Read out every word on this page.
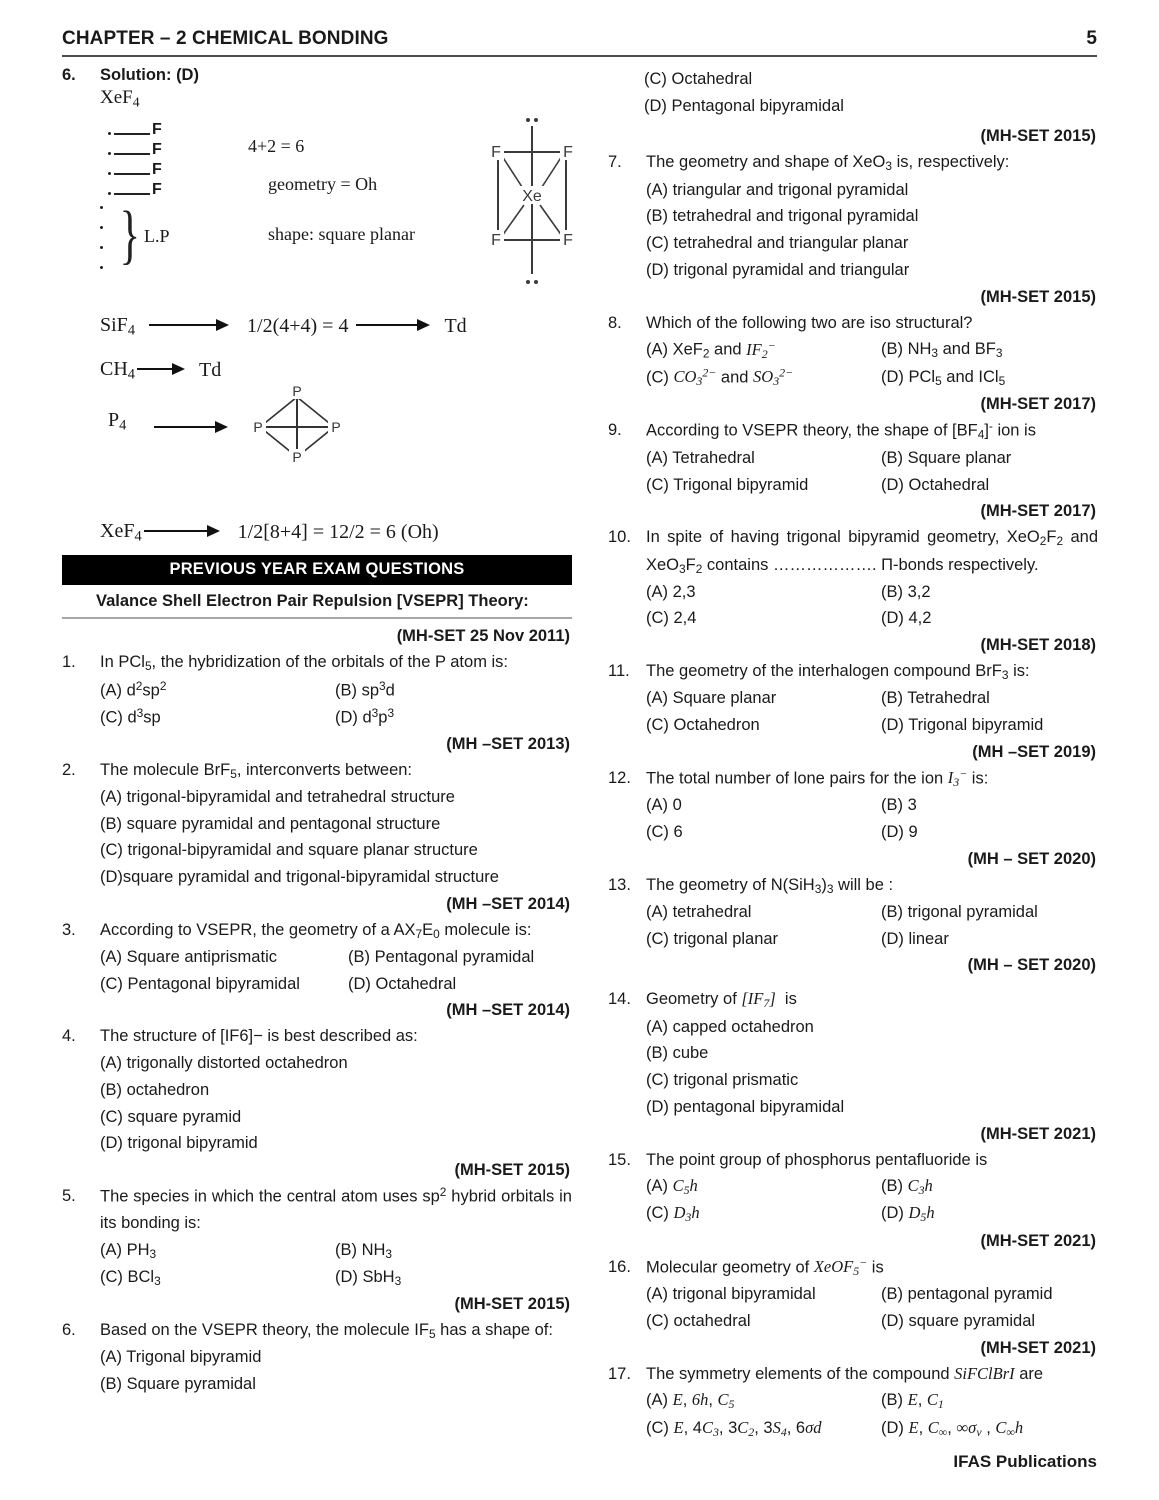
CHAPTER – 2 CHEMICAL BONDING	5
6.	Solution: (D)
XeF$_4$
F
F
F
F
} L.P
4+2 = 6
geometry = Oh
shape: square planar
Xe
F	F
F	F
SiF$_4$	1/2(4+4) = 4	Td
$CH_4$	Td
$P_4$
P
P	P
P
XeF$_4$	1/2[8+4] = 12/2 = 6 (Oh)
PREVIOUS YEAR EXAM QUESTIONS
Valance Shell Electron Pair Repulsion [VSEPR] Theory:
(MH-SET 25 Nov 2011)
1.	In PCl$_5$, the hybridization of the orbitals of the P atom is:
(A) $d^2sp^2$	(B) $sp^3d$
(C) $d^3sp$	(D) $d^3p^3$
(MH –SET 2013)
2.	The molecule BrF$_5$, interconverts between:
(A) trigonal-bipyramidal and tetrahedral structure
(B) square pyramidal and pentagonal structure
(C) trigonal-bipyramidal and square planar structure
(D)square pyramidal and trigonal-bipyramidal structure
(MH –SET 2014)
3.	According to VSEPR, the geometry of a $AX_7E_0$ molecule is:
(A) Square antiprismatic	(B) Pentagonal pyramidal
(C) Pentagonal bipyramidal	(D) Octahedral
(MH –SET 2014)
4.	The structure of [IF6]− is best described as:
(A) trigonally distorted octahedron
(B) octahedron
(C) square pyramid
(D) trigonal bipyramid
(MH-SET 2015)
5.	The species in which the central atom uses $sp^2$ hybrid orbitals in its bonding is:
(A) $PH_3$	(B) $NH_3$
(C) BCl$_3$	(D) SbH$_3$
(MH-SET 2015)
6.	Based on the VSEPR theory, the molecule $IF_5$ has a shape of:
(A) Trigonal bipyramid
(B) Square pyramidal
(C) Octahedral
(D) Pentagonal bipyramidal
(MH-SET 2015)
7.	The geometry and shape of XeO$_3$ is, respectively:
(A) triangular and trigonal pyramidal
(B) tetrahedral and trigonal pyramidal
(C) tetrahedral and triangular planar
(D) trigonal pyramidal and triangular
(MH-SET 2015)
8.	Which of the following two are iso structural?
(A) XeF$_2$ and $IF_2^-$	(B) $NH_3$ and $BF_3$
(C) $CO_3^{2-}$ and $SO_3^{2-}$	(D) PCl$_5$ and ICl$_5$
(MH-SET 2017)
9.	According to VSEPR theory, the shape of $[BF_4]^-$ ion is
(A) Tetrahedral	(B) Square planar
(C) Trigonal bipyramid	(D) Octahedral
(MH-SET 2017)
10. In spite of having trigonal bipyramid geometry, $XeO_2F_2$ and $XeO_3F_2$ contains ………………. Π-bonds respectively.
(A) 2,3	(B) 3,2
(C) 2,4	(D) 4,2
(MH-SET 2018)
11. The geometry of the interhalogen compound BrF$_3$ is:
(A) Square planar	(B) Tetrahedral
(C) Octahedron	(D) Trigonal bipyramid
(MH –SET 2019)
12. The total number of lone pairs for the ion $I_3^-$ is:
(A) 0	(B) 3
(C) 6	(D) 9
(MH – SET 2020)
13. The geometry of $N(SiH_3)_3$ will be :
(A) tetrahedral	(B) trigonal pyramidal
(C) trigonal planar	(D) linear
(MH – SET 2020)
14. Geometry of $[IF_7]$  is
(A) capped octahedron
(B) cube
(C) trigonal prismatic
(D) pentagonal bipyramidal
(MH-SET 2021)
15. The point group of phosphorus pentafluoride is
(A) $C_5h$	(B) $C_3h$
(C) $D_3h$	(D) $D_5h$
(MH-SET 2021)
16. Molecular geometry of XeOF$_5$− is
(A) trigonal bipyramidal	(B) pentagonal pyramid
(C) octahedral	(D) square pyramidal
(MH-SET 2021)
17. The symmetry elements of the compound SiFClBrI are
(A) E, 6h, $C_5$	(B) E, $C_1$
(C) E, $4C_3$, $3C_2$, $3S_4$, 6σd	(D) E, $C_\infty$, $\infty\sigma_v$ , $C_\infty h$
IFAS Publications
